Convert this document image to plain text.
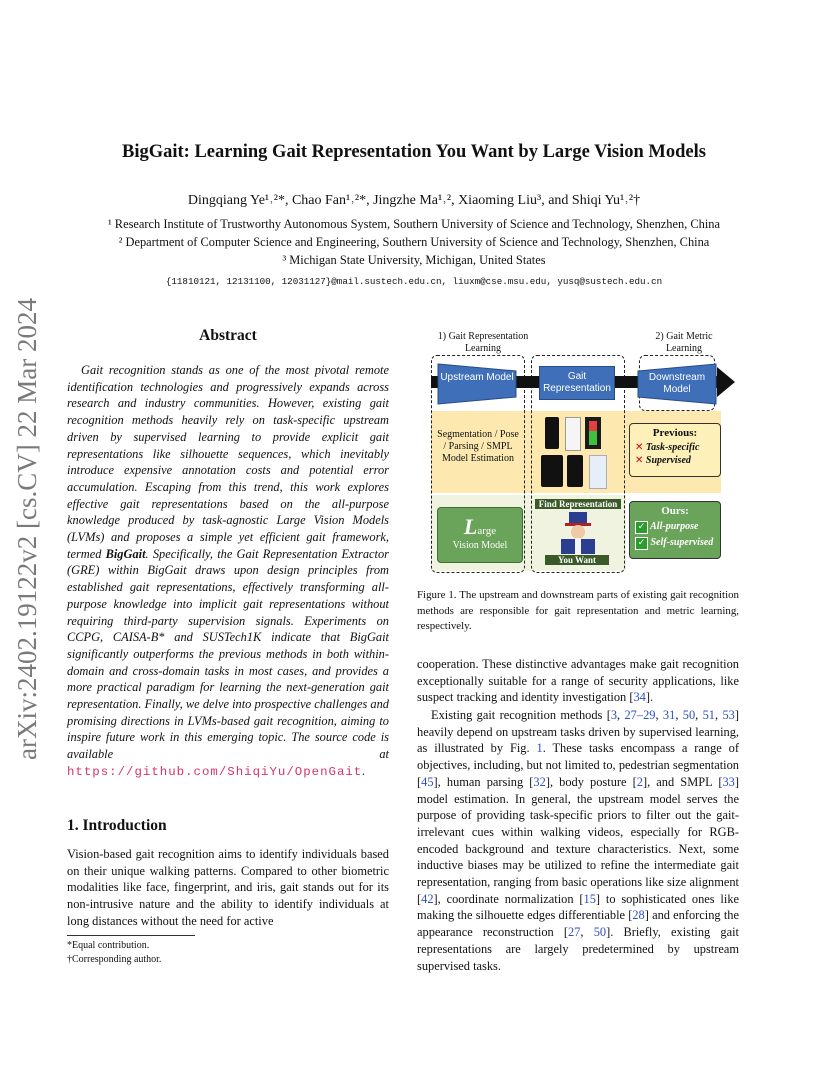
arXiv:2402.19122v2 [cs.CV] 22 Mar 2024
BigGait: Learning Gait Representation You Want by Large Vision Models
Dingqiang Ye¹˒²*, Chao Fan¹˒²*, Jingzhe Ma¹˒², Xiaoming Liu³, and Shiqi Yu¹˒²†
¹ Research Institute of Trustworthy Autonomous System, Southern University of Science and Technology, Shenzhen, China
² Department of Computer Science and Engineering, Southern University of Science and Technology, Shenzhen, China
³ Michigan State University, Michigan, United States
{11810121, 12131100, 12031127}@mail.sustech.edu.cn, liuxm@cse.msu.edu, yusq@sustech.edu.cn
Abstract
Gait recognition stands as one of the most pivotal remote identification technologies and progressively expands across research and industry communities. However, existing gait recognition methods heavily rely on task-specific upstream driven by supervised learning to provide explicit gait representations like silhouette sequences, which inevitably introduce expensive annotation costs and potential error accumulation. Escaping from this trend, this work explores effective gait representations based on the all-purpose knowledge produced by task-agnostic Large Vision Models (LVMs) and proposes a simple yet efficient gait framework, termed BigGait. Specifically, the Gait Representation Extractor (GRE) within BigGait draws upon design principles from established gait representations, effectively transforming all-purpose knowledge into implicit gait representations without requiring third-party supervision signals. Experiments on CCPG, CAISA-B* and SUSTech1K indicate that BigGait significantly outperforms the previous methods in both within-domain and cross-domain tasks in most cases, and provides a more practical paradigm for learning the next-generation gait representation. Finally, we delve into prospective challenges and promising directions in LVMs-based gait recognition, aiming to inspire future work in this emerging topic. The source code is available at https://github.com/ShiqiYu/OpenGait.
1. Introduction
Vision-based gait recognition aims to identify individuals based on their unique walking patterns. Compared to other biometric modalities like face, fingerprint, and iris, gait stands out for its non-intrusive nature and the ability to identify individuals at long distances without the need for active
*Equal contribution.
†Corresponding author.
1) Gait Representation Learning
2) Gait Metric Learning
Upstream Model	Gait Representation
Downstream Model
Segmentation / Pose / Parsing / SMPL Model Estimation
Previous:
✕ Task-specific
✕ Supervised
Large
Vision Model
Find Representation
You Want
Ours:
✓ All-purpose
✓ Self-supervised
Figure 1. The upstream and downstream parts of existing gait recognition methods are responsible for gait representation and metric learning, respectively.
cooperation. These distinctive advantages make gait recognition exceptionally suitable for a range of security applications, like suspect tracking and identity investigation [34].
Existing gait recognition methods [3, 27–29, 31, 50, 51, 53] heavily depend on upstream tasks driven by supervised learning, as illustrated by Fig. 1. These tasks encompass a range of objectives, including, but not limited to, pedestrian segmentation [45], human parsing [32], body posture [2], and SMPL [33] model estimation. In general, the upstream model serves the purpose of providing task-specific priors to filter out the gait-irrelevant cues within walking videos, especially for RGB-encoded background and texture characteristics. Next, some inductive biases may be utilized to refine the intermediate gait representation, ranging from basic operations like size alignment [42], coordinate normalization [15] to sophisticated ones like making the silhouette edges differentiable [28] and enforcing the appearance reconstruction [27, 50]. Briefly, existing gait representations are largely predetermined by upstream supervised tasks.
